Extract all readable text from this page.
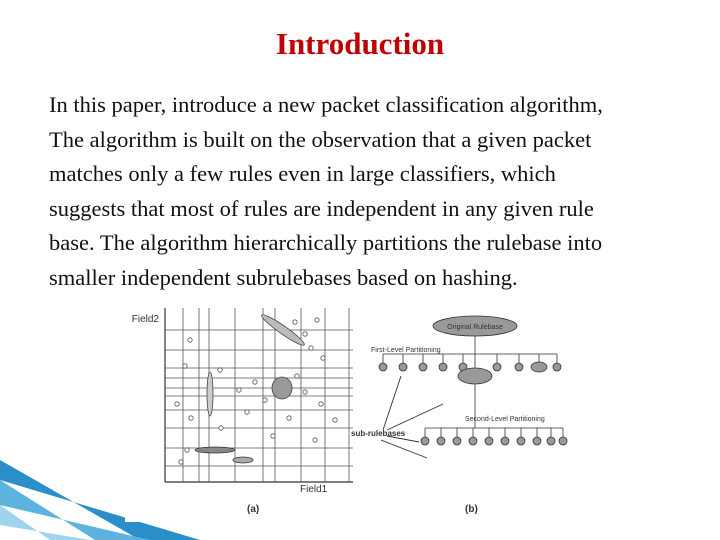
Introduction
In this paper, introduce a new packet classification algorithm,
The algorithm is built on the observation that a given packet
matches only a few rules even in large classifiers, which
suggests that most of rules are independent in any given rule
base. The algorithm hierarchically partitions the rulebase into
smaller independent subrulebases based on hashing.
Field2
Field1
(a)
Original Rulebase
First-Level Partitioning
Second-Level Partitioning
sub-rulebases
(b)
